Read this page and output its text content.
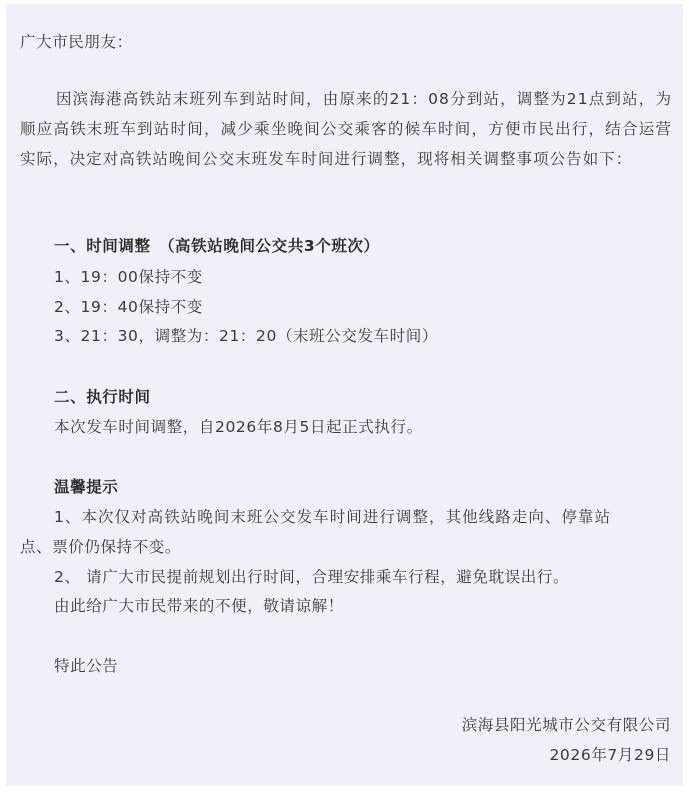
广大市民朋友：
因滨海港高铁站末班列车到站时间，由原来的21：08分到站，调整为21点到站，为顺应高铁末班车到站时间，减少乘坐晚间公交乘客的候车时间，方便市民出行，结合运营实际，决定对高铁站晚间公交末班发车时间进行调整，现将相关调整事项公告如下：
一、时间调整　（高铁站晚间公交共3个班次）
1、19：00保持不变
2、19：40保持不变
3、21：30，调整为：21：20（末班公交发车时间）
二、执行时间
本次发车时间调整，自2026年8月5日起正式执行。
温馨提示
1、本次仅对高铁站晚间末班公交发车时间进行调整，其他线路走向、停靠站
点、票价仍保持不变。
2、 请广大市民提前规划出行时间，合理安排乘车行程，避免耽误出行。
由此给广大市民带来的不便，敬请谅解！
特此公告
滨海县阳光城市公交有限公司
2026年7月29日
